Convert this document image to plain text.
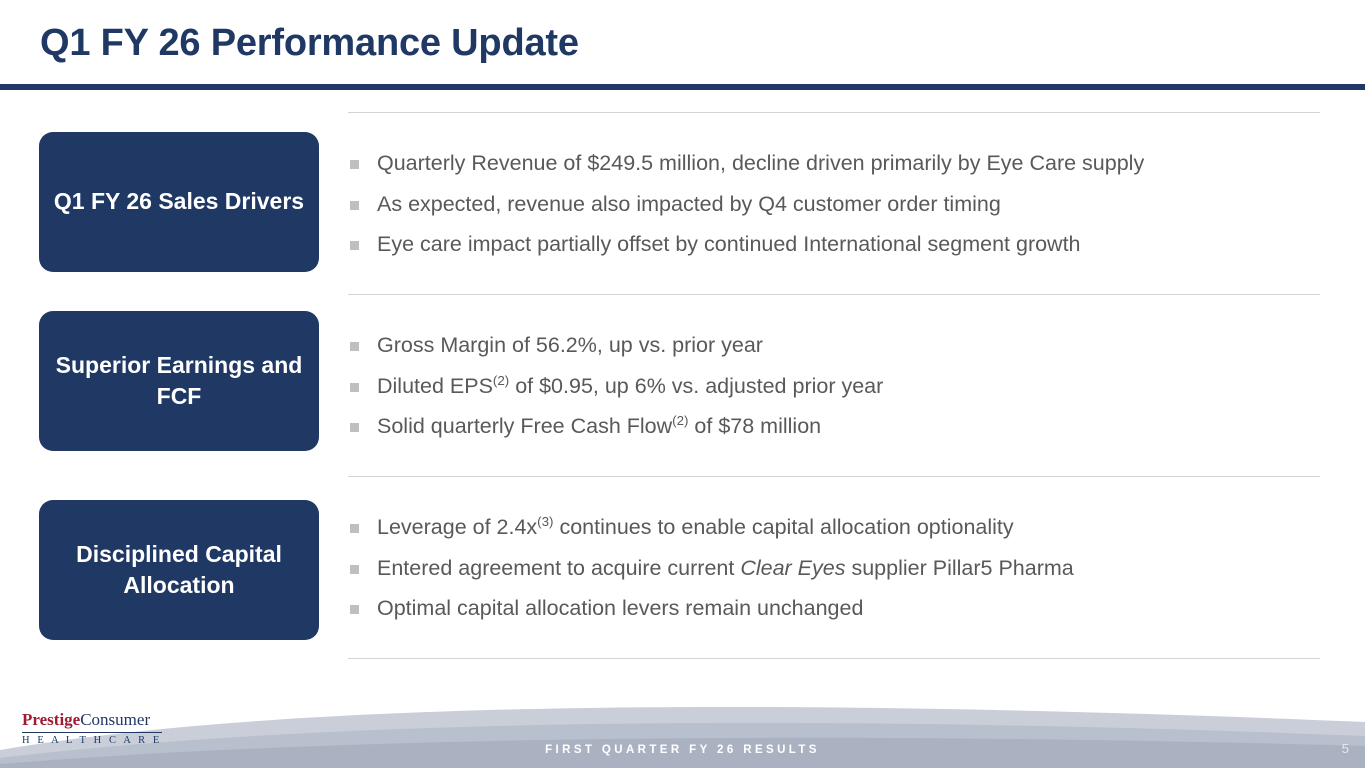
Q1 FY 26 Performance Update
Q1 FY 26 Sales Drivers
Quarterly Revenue of $249.5 million, decline driven primarily by Eye Care supply
As expected, revenue also impacted by Q4 customer order timing
Eye care impact partially offset by continued International segment growth
Superior Earnings and FCF
Gross Margin of 56.2%, up vs. prior year
Diluted EPS$^{(2)}$ of $0.95, up 6% vs. adjusted prior year
Solid quarterly Free Cash Flow$^{(2)}$ of $78 million
Disciplined Capital Allocation
Leverage of $2.4x^{(3)}$ continues to enable capital allocation optionality
Entered agreement to acquire current Clear Eyes supplier Pillar5 Pharma
Optimal capital allocation levers remain unchanged
PrestigeConsumer
H E A L T H C A R E
FIRST QUARTER FY 26 RESULTS	5
